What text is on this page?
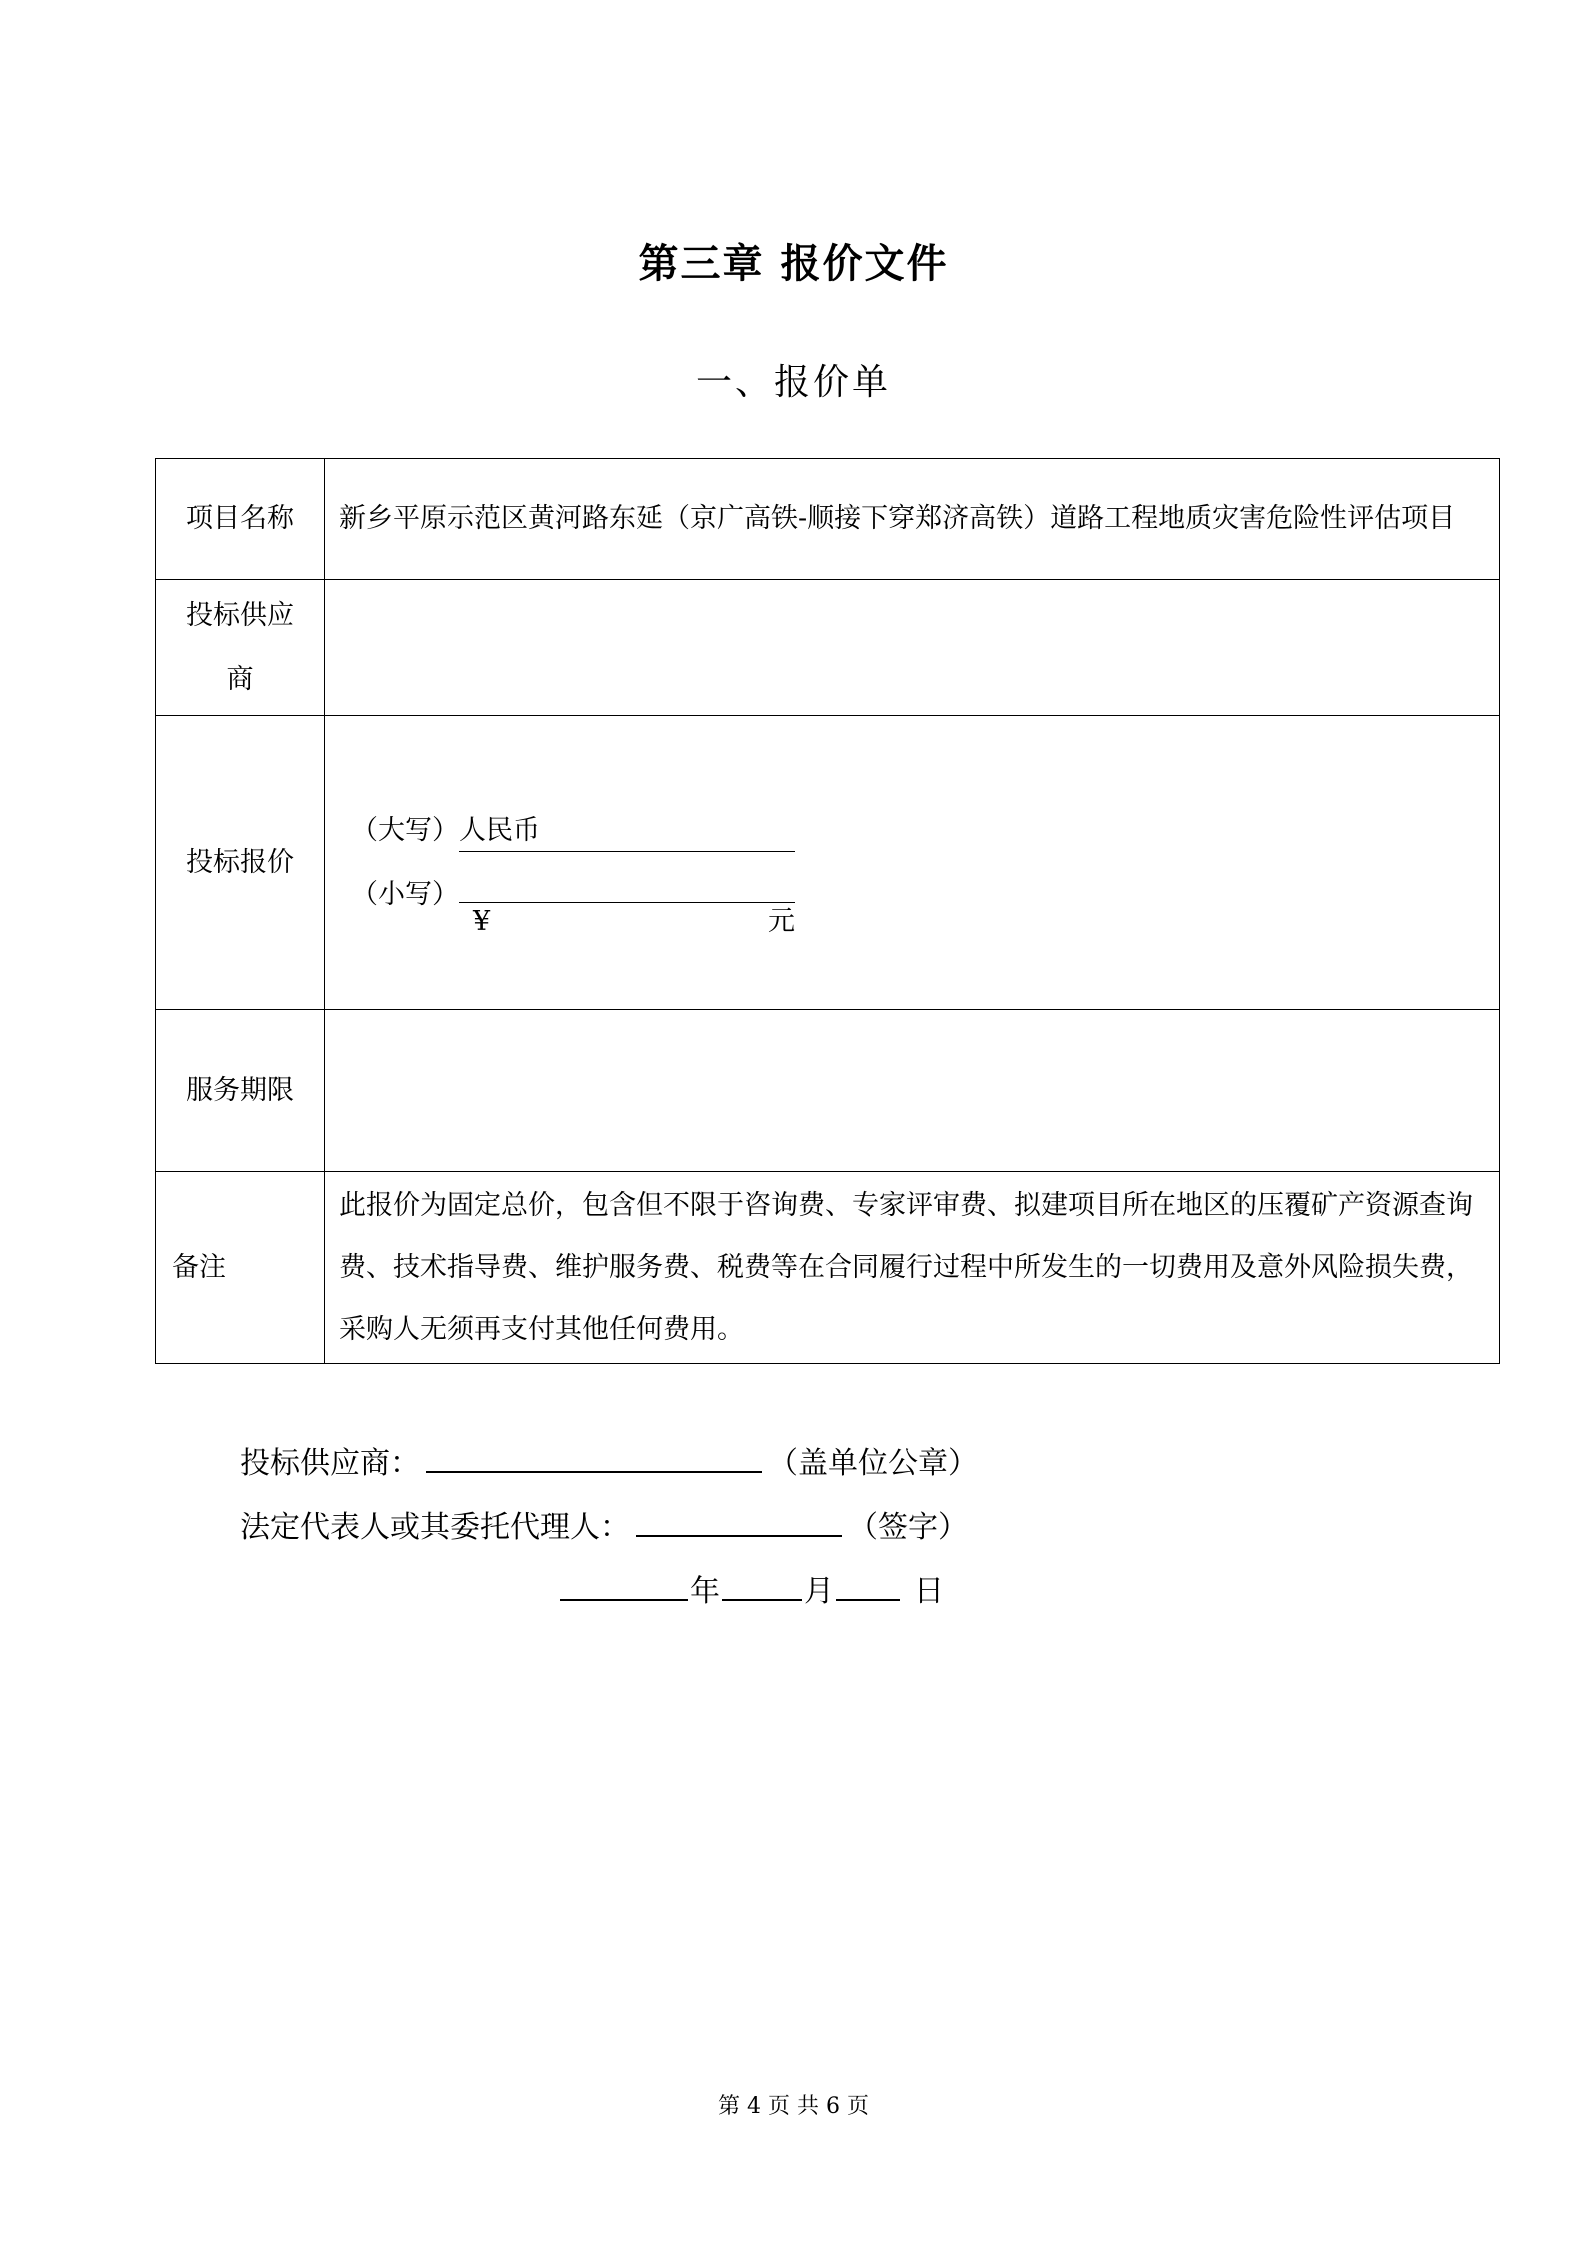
第三章 报价文件
一、报价单
项目名称	新乡平原示范区黄河路东延（京广高铁-顺接下穿郑济高铁）道路工程地质灾害危险性评估项目
投标供应商	
投标报价	（大写） 人民币
（小写）
¥ 元

服务期限	
备注	此报价为固定总价，包含但不限于咨询费、专家评审费、拟建项目所在地区的压覆矿产资源查询费、技术指导费、维护服务费、税费等在合同履行过程中所发生的一切费用及意外风险损失费，采购人无须再支付其他任何费用。
投标供应商：	（盖单位公章）
法定代表人或其委托代理人：	（签字）
年	月	日
第 4 页 共 6 页
